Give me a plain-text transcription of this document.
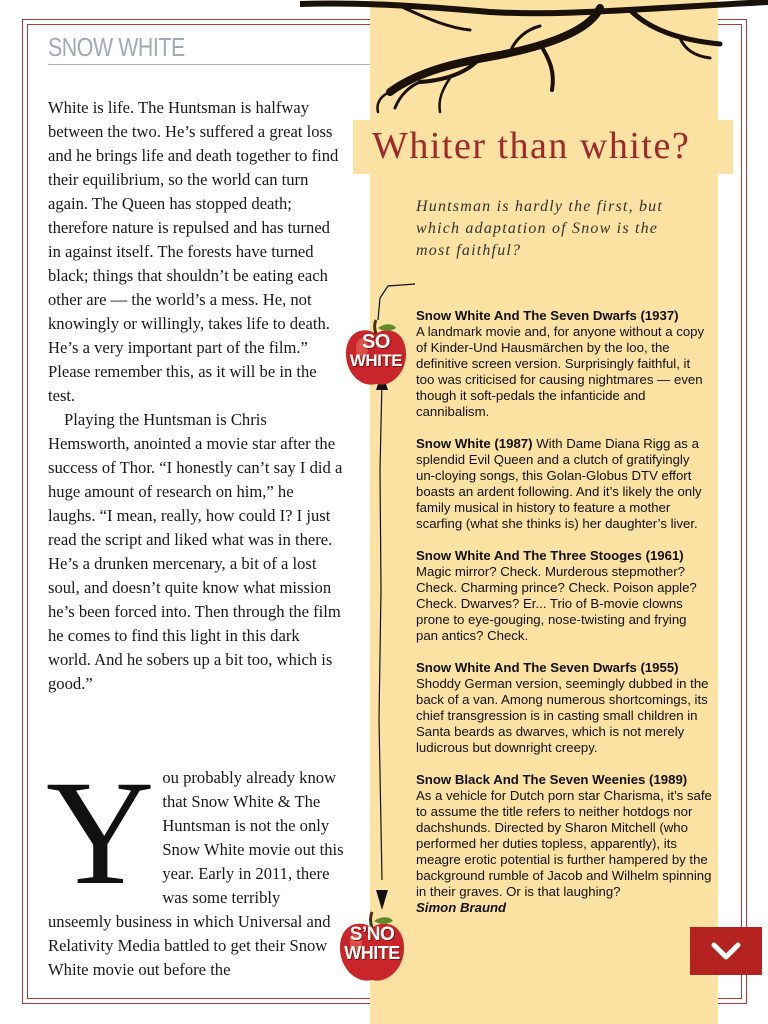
SNOW WHITE

White is life. The Huntsman is halfway between the two. He’s suffered a great loss and he brings life and death together to find their equilibrium, so the world can turn again. The Queen has stopped death; therefore nature is repulsed and has turned in against itself. The forests have turned black; things that shouldn’t be eating each other are — the world’s a mess. He, not knowingly or willingly, takes life to death. He’s a very important part of the film.” Please remember this, as it will be in the test.

Playing the Huntsman is Chris Hemsworth, anointed a movie star after the success of Thor. “I honestly can’t say I did a huge amount of research on him,” he laughs. “I mean, really, how could I? I just read the script and liked what was in there. He’s a drunken mercenary, a bit of a lost soul, and doesn’t quite know what mission he’s been forced into. Then through the film he comes to find this light in this dark world. And he sobers up a bit too, which is good.”

Y ou probably already know that Snow White & The Huntsman is not the only Snow White movie out this year. Early in 2011, there was some terribly unseemly business in which Universal and Relativity Media battled to get their Snow White movie out before the
Whiter than white?
Huntsman is hardly the first, but which adaptation of Snow is the most faithful?
SO
WHITE
S’NO
WHITE
Snow White And The Seven Dwarfs (1937)
A landmark movie and, for anyone without a copy of Kinder-Und Hausmärchen by the loo, the definitive screen version. Surprisingly faithful, it too was criticised for causing nightmares — even though it soft-pedals the infanticide and cannibalism.
Snow White (1987) With Dame Diana Rigg as a splendid Evil Queen and a clutch of gratifyingly un-cloying songs, this Golan-Globus DTV effort boasts an ardent following. And it’s likely the only family musical in history to feature a mother scarfing (what she thinks is) her daughter’s liver.
Snow White And The Three Stooges (1961)
Magic mirror? Check. Murderous stepmother? Check. Charming prince? Check. Poison apple? Check. Dwarves? Er... Trio of B-movie clowns prone to eye-gouging, nose-twisting and frying pan antics? Check.
Snow White And The Seven Dwarfs (1955)
Shoddy German version, seemingly dubbed in the back of a van. Among numerous shortcomings, its chief transgression is in casting small children in Santa beards as dwarves, which is not merely ludicrous but downright creepy.
Snow Black And The Seven Weenies (1989)
As a vehicle for Dutch porn star Charisma, it’s safe to assume the title refers to neither hotdogs nor dachshunds. Directed by Sharon Mitchell (who performed her duties topless, apparently), its meagre erotic potential is further hampered by the background rumble of Jacob and Wilhelm spinning in their graves. Or is that laughing?
Simon Braund
